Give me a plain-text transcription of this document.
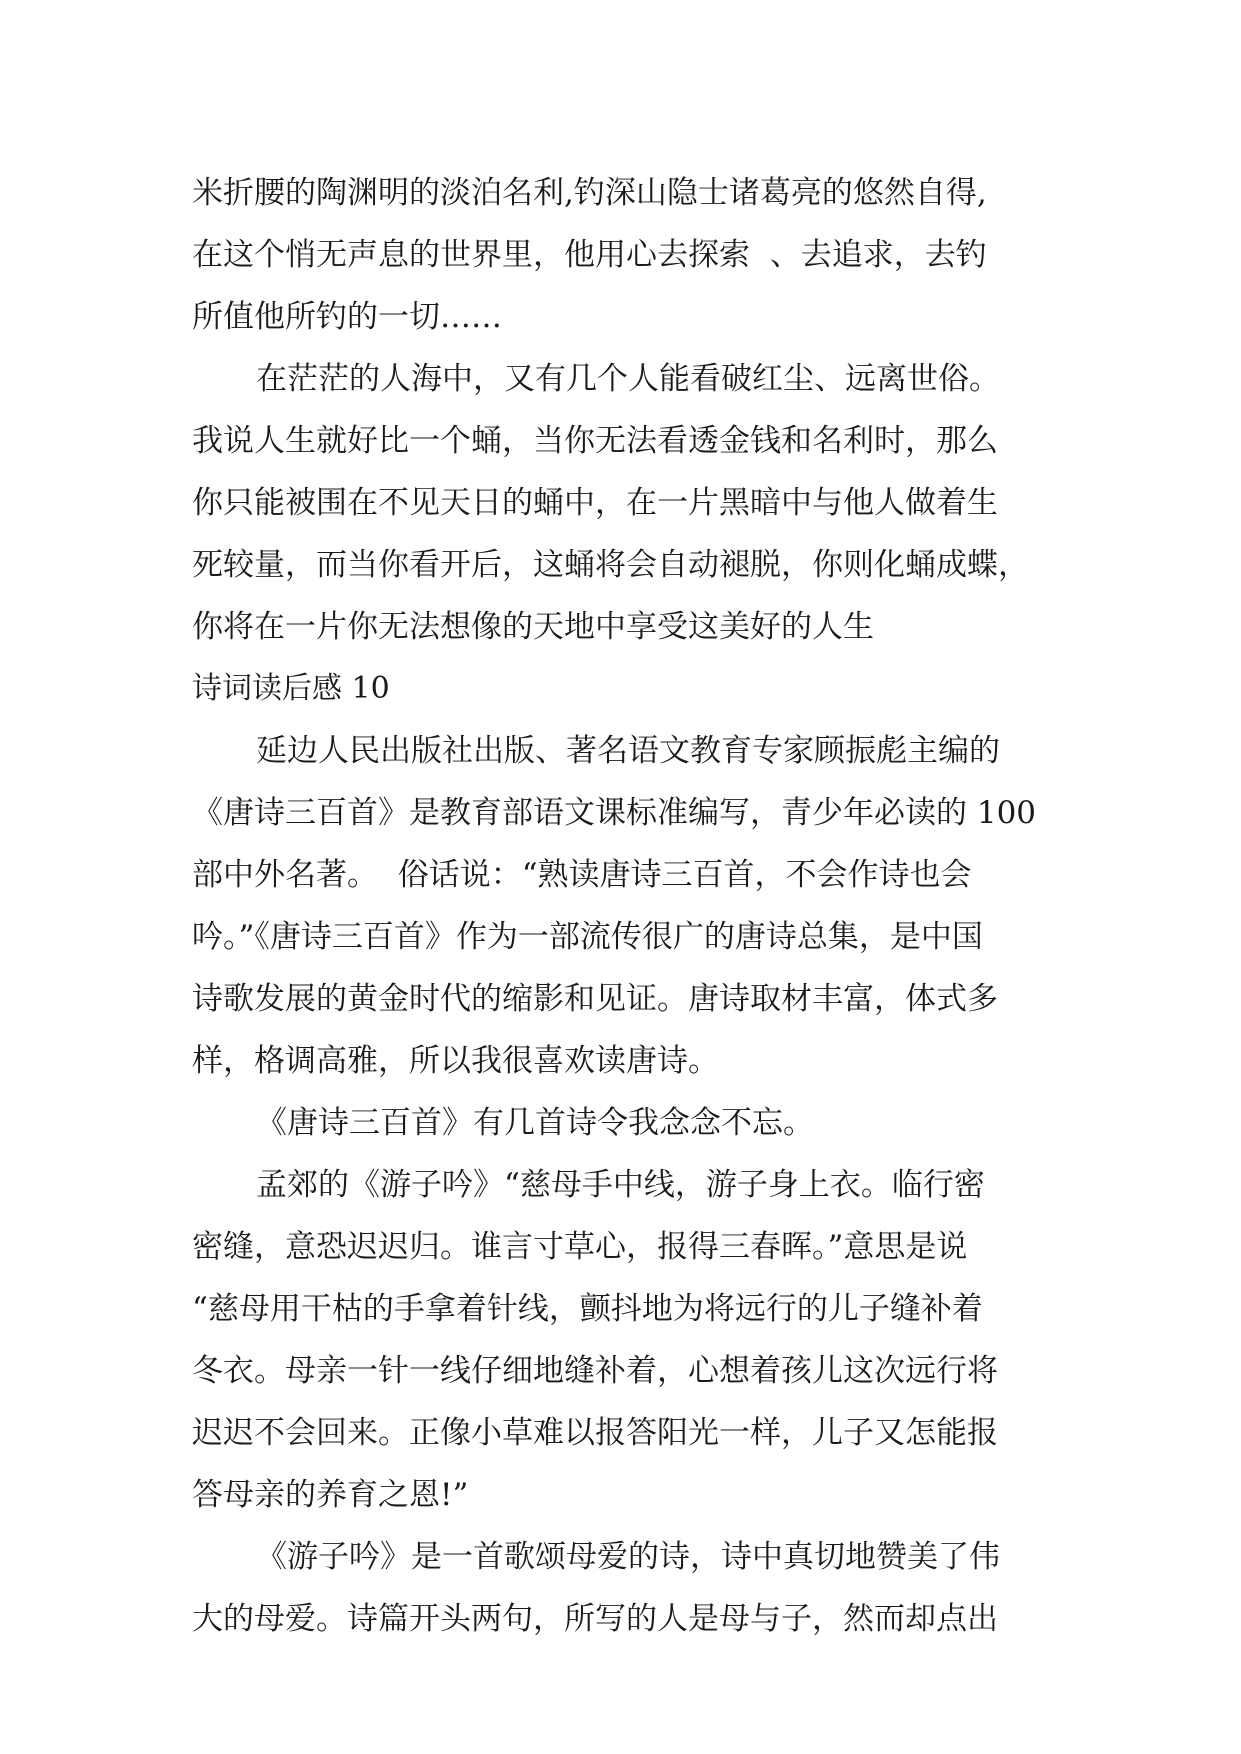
米折腰的陶渊明的淡泊名利,钓深山隐士诸葛亮的悠然自得,
在这个悄无声息的世界里，他用心去探索  、去追求，去钓
所值他所钓的一切……
在茫茫的人海中，又有几个人能看破红尘、远离世俗。
我说人生就好比一个蛹，当你无法看透金钱和名利时，那么
你只能被围在不见天日的蛹中，在一片黑暗中与他人做着生
死较量，而当你看开后，这蛹将会自动褪脱，你则化蛹成蝶，
你将在一片你无法想像的天地中享受这美好的人生
诗词读后感 10
延边人民出版社出版、著名语文教育专家顾振彪主编的
《唐诗三百首》是教育部语文课标准编写，青少年必读的 100
部中外名著。  俗话说：“熟读唐诗三百首，不会作诗也会
吟。”《唐诗三百首》作为一部流传很广的唐诗总集，是中国
诗歌发展的黄金时代的缩影和见证。唐诗取材丰富，体式多
样，格调高雅，所以我很喜欢读唐诗。
《唐诗三百首》有几首诗令我念念不忘。
孟郊的《游子吟》“慈母手中线，游子身上衣。临行密
密缝，意恐迟迟归。谁言寸草心，报得三春晖。”意思是说
“慈母用干枯的手拿着针线，颤抖地为将远行的儿子缝补着
冬衣。母亲一针一线仔细地缝补着，心想着孩儿这次远行将
迟迟不会回来。正像小草难以报答阳光一样，儿子又怎能报
答母亲的养育之恩!”
《游子吟》是一首歌颂母爱的诗，诗中真切地赞美了伟
大的母爱。诗篇开头两句，所写的人是母与子，然而却点出
